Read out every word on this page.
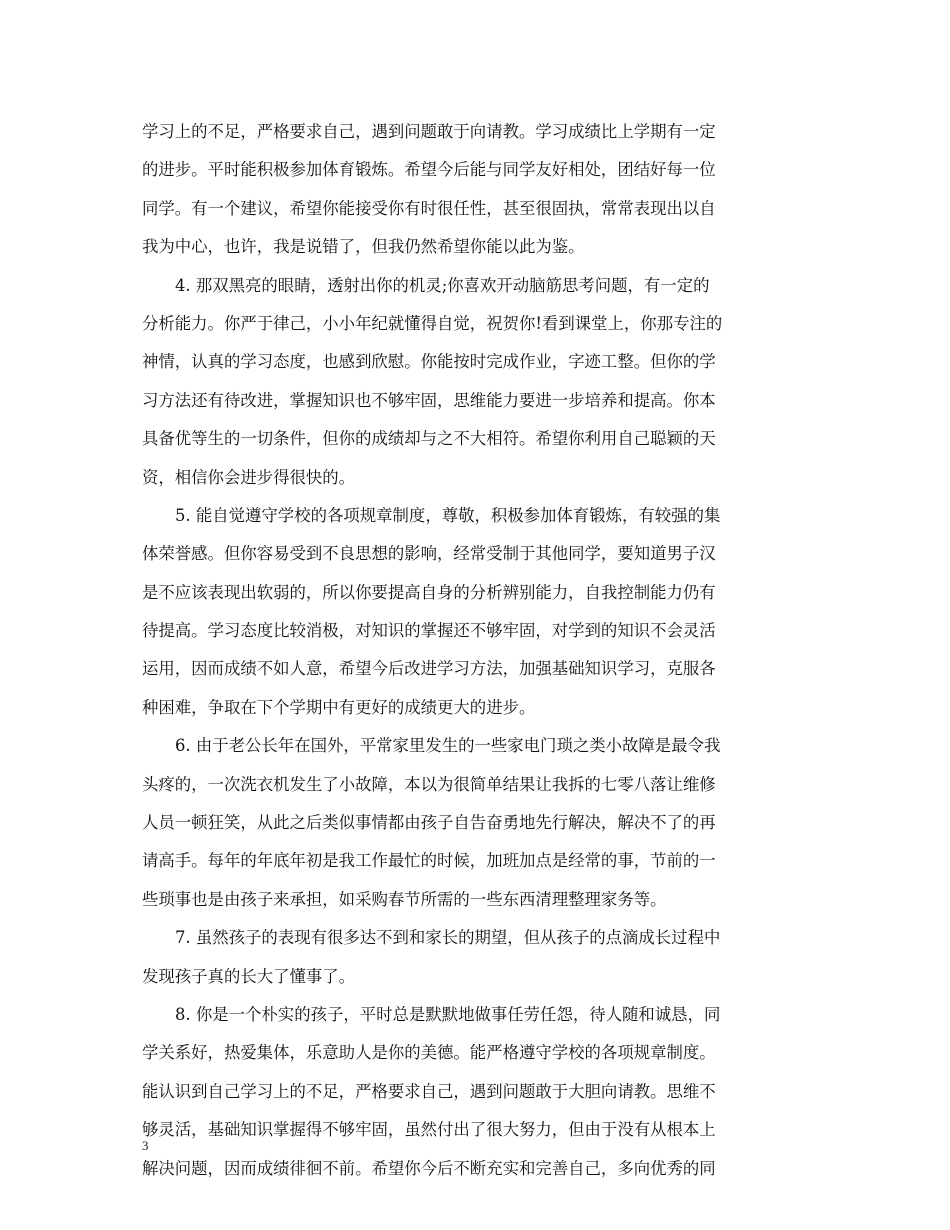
学习上的不足，严格要求自己，遇到问题敢于向请教。学习成绩比上学期有一定
的进步。平时能积极参加体育锻炼。希望今后能与同学友好相处，团结好每一位
同学。有一个建议，希望你能接受你有时很任性，甚至很固执，常常表现出以自
我为中心，也许，我是说错了，但我仍然希望你能以此为鉴。
4. 那双黑亮的眼睛，透射出你的机灵;你喜欢开动脑筋思考问题，有一定的
分析能力。你严于律己，小小年纪就懂得自觉，祝贺你!看到课堂上，你那专注的
神情，认真的学习态度，也感到欣慰。你能按时完成作业，字迹工整。但你的学
习方法还有待改进，掌握知识也不够牢固，思维能力要进一步培养和提高。你本
具备优等生的一切条件，但你的成绩却与之不大相符。希望你利用自己聪颖的天
资，相信你会进步得很快的。
5. 能自觉遵守学校的各项规章制度，尊敬，积极参加体育锻炼，有较强的集
体荣誉感。但你容易受到不良思想的影响，经常受制于其他同学，要知道男子汉
是不应该表现出软弱的，所以你要提高自身的分析辨别能力，自我控制能力仍有
待提高。学习态度比较消极，对知识的掌握还不够牢固，对学到的知识不会灵活
运用，因而成绩不如人意，希望今后改进学习方法，加强基础知识学习，克服各
种困难，争取在下个学期中有更好的成绩更大的进步。
6. 由于老公长年在国外，平常家里发生的一些家电门琐之类小故障是最令我
头疼的，一次洗衣机发生了小故障，本以为很简单结果让我拆的七零八落让维修
人员一顿狂笑，从此之后类似事情都由孩子自告奋勇地先行解决，解决不了的再
请高手。每年的年底年初是我工作最忙的时候，加班加点是经常的事，节前的一
些琐事也是由孩子来承担，如采购春节所需的一些东西清理整理家务等。
7. 虽然孩子的表现有很多达不到和家长的期望，但从孩子的点滴成长过程中
发现孩子真的长大了懂事了。
8. 你是一个朴实的孩子，平时总是默默地做事任劳任怨，待人随和诚恳，同
学关系好，热爱集体，乐意助人是你的美德。能严格遵守学校的各项规章制度。
能认识到自己学习上的不足，严格要求自己，遇到问题敢于大胆向请教。思维不
够灵活，基础知识掌握得不够牢固，虽然付出了很大努力，但由于没有从根本上
解决问题，因而成绩徘徊不前。希望你今后不断充实和完善自己，多向优秀的同
3
